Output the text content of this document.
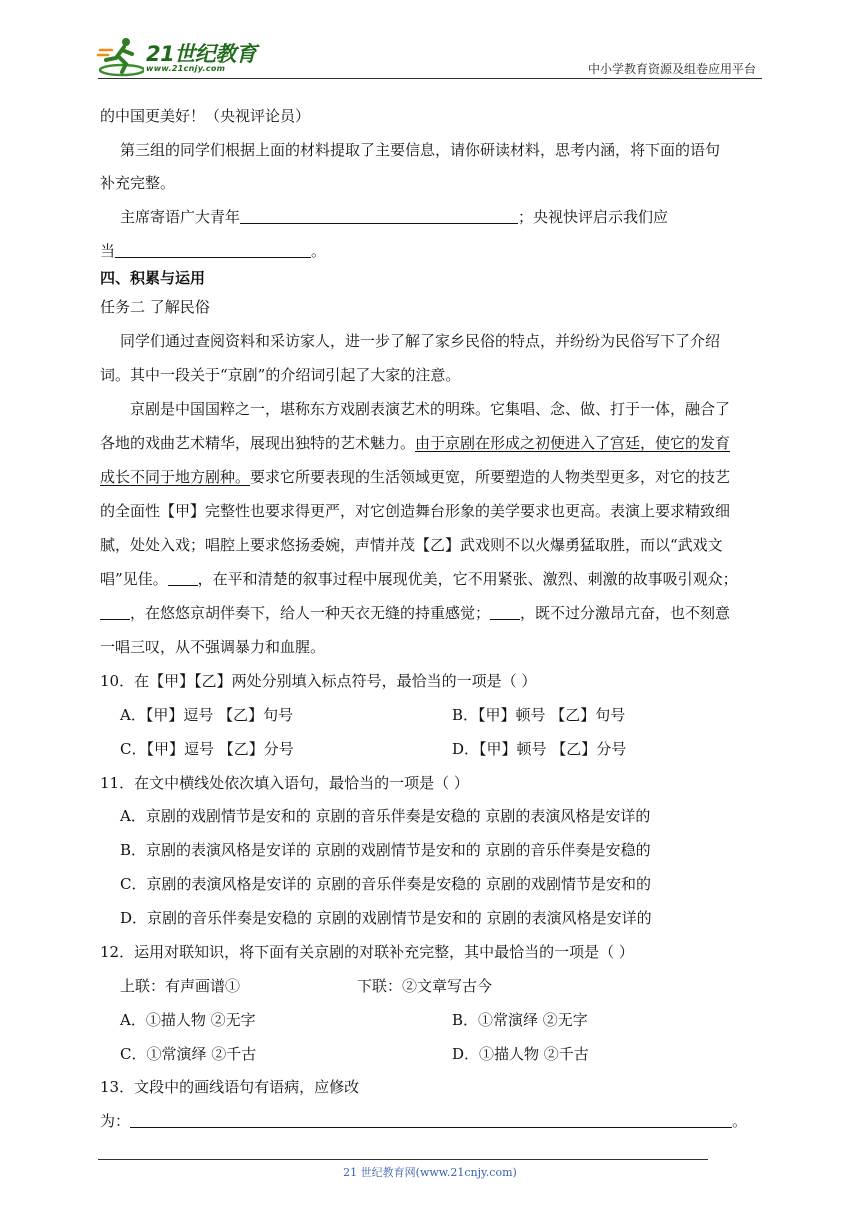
21世纪教育
www.21cnjy.com	中小学教育资源及组卷应用平台
的中国更美好！（央视评论员）
第三组的同学们根据上面的材料提取了主要信息，请你研读材料，思考内涵，将下面的语句
补充完整。
主席寄语广大青年	；央视快评启示我们应
当	。
四、积累与运用
任务二 了解民俗
同学们通过查阅资料和采访家人，进一步了解了家乡民俗的特点，并纷纷为民俗写下了介绍
词。其中一段关于“京剧”的介绍词引起了大家的注意。
京剧是中国国粹之一，堪称东方戏剧表演艺术的明珠。它集唱、念、做、打于一体，融合了
各地的戏曲艺术精华，展现出独特的艺术魅力。由于京剧在形成之初便进入了宫廷，使它的发育
成长不同于地方剧种。要求它所要表现的生活领域更宽，所要塑造的人物类型更多，对它的技艺
的全面性【甲】完整性也要求得更严，对它创造舞台形象的美学要求也更高。表演上要求精致细
腻，处处入戏；唱腔上要求悠扬委婉，声情并茂【乙】武戏则不以火爆勇猛取胜，而以“武戏文
唱”见佳。 ，在平和清楚的叙事过程中展现优美，它不用紧张、激烈、刺激的故事吸引观众；
，在悠悠京胡伴奏下，给人一种天衣无缝的持重感觉； ，既不过分激昂亢奋，也不刻意
一唱三叹，从不强调暴力和血腥。
10．在【甲】【乙】两处分别填入标点符号，最恰当的一项是（ ）
A．【甲】逗号 【乙】句号	B．【甲】顿号 【乙】句号
C．【甲】逗号 【乙】分号	D．【甲】顿号 【乙】分号
11．在文中横线处依次填入语句，最恰当的一项是（ ）
A．京剧的戏剧情节是安和的 京剧的音乐伴奏是安稳的 京剧的表演风格是安详的
B．京剧的表演风格是安详的 京剧的戏剧情节是安和的 京剧的音乐伴奏是安稳的
C．京剧的表演风格是安详的 京剧的音乐伴奏是安稳的 京剧的戏剧情节是安和的
D．京剧的音乐伴奏是安稳的 京剧的戏剧情节是安和的 京剧的表演风格是安详的
12．运用对联知识，将下面有关京剧的对联补充完整，其中最恰当的一项是（ ）
上联：有声画谱①	下联：②文章写古今
A．①描人物 ②无字	B．①常演绎 ②无字
C．①常演绎 ②千古	D．①描人物 ②千古
13．文段中的画线语句有语病，应修改
为：	。
21 世纪教育网(www.21cnjy.com)
